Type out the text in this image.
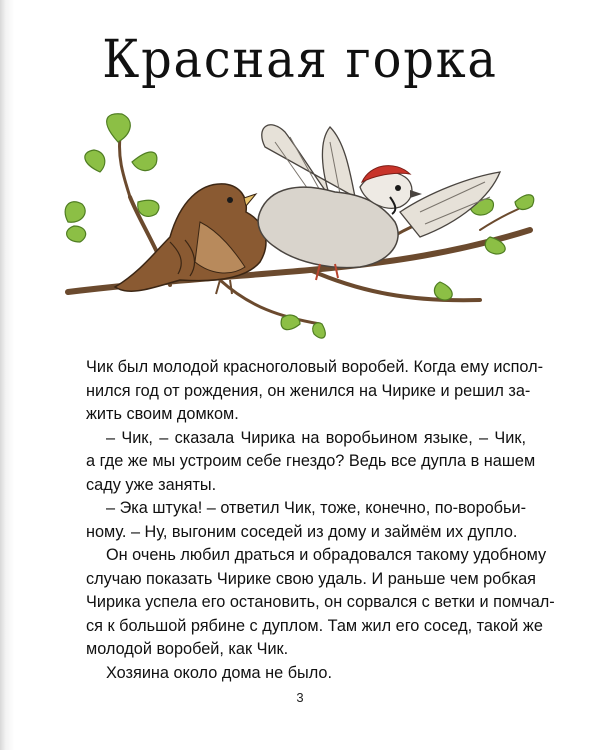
Красная горка
Чик был молодой красноголовый воробей. Когда ему испол-
нился год от рождения, он женился на Чирике и решил за-
жить своим домком.
– Чик, – сказала Чирика на воробьином языке, – Чик,
а где же мы устроим себе гнездо? Ведь все дупла в нашем
саду уже заняты.
– Эка штука! – ответил Чик, тоже, конечно, по-воробьи-
ному. – Ну, выгоним соседей из дому и займём их дупло.
Он очень любил драться и обрадовался такому удобному
случаю показать Чирике свою удаль. И раньше чем робкая
Чирика успела его остановить, он сорвался с ветки и помчал-
ся к большой рябине с дуплом. Там жил его сосед, такой же
молодой воробей, как Чик.
Хозяина около дома не было.
3
